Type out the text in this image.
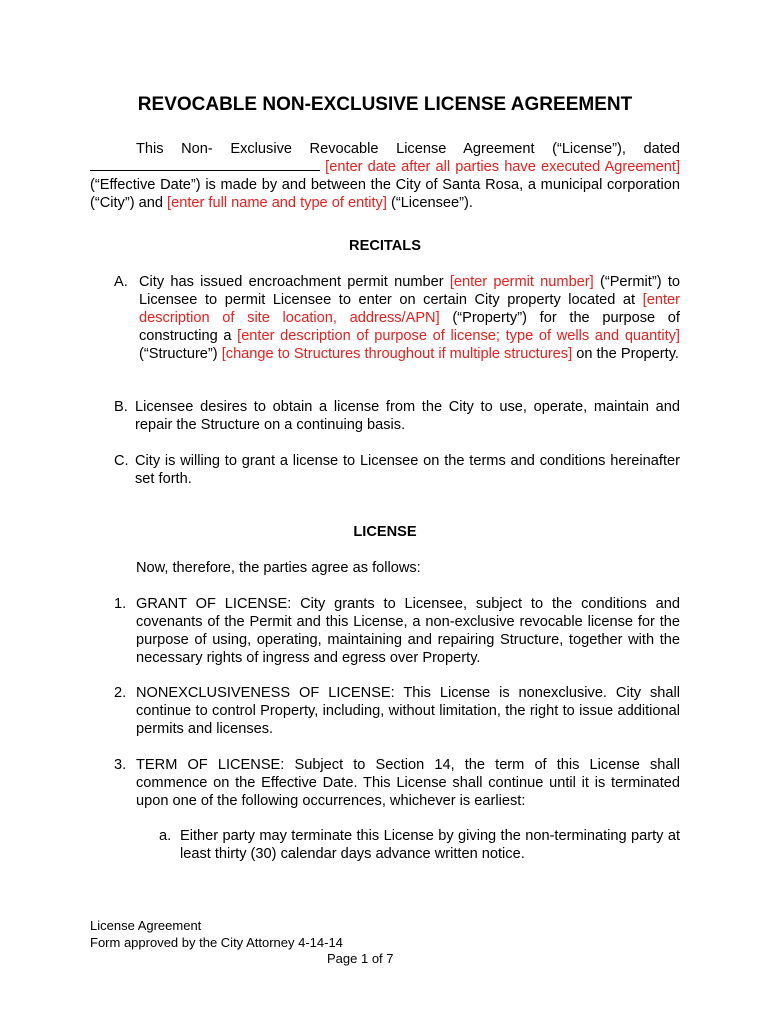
REVOCABLE NON-EXCLUSIVE LICENSE AGREEMENT
This Non- Exclusive Revocable License Agreement (“License”), dated  [enter date after all parties have executed Agreement] (“Effective Date”) is made by and between the City of Santa Rosa, a municipal corporation (“City”) and [enter full name and type of entity] (“Licensee”).
RECITALS
A. City has issued encroachment permit number [enter permit number] (“Permit”) to Licensee to permit Licensee to enter on certain City property located at [enter description of site location, address/APN] (“Property”) for the purpose of constructing a [enter description of purpose of license; type of wells and quantity] (“Structure”) [change to Structures throughout if multiple structures] on the Property.
B. Licensee desires to obtain a license from the City to use, operate, maintain and repair the Structure on a continuing basis.
C. City is willing to grant a license to Licensee on the terms and conditions hereinafter set forth.
LICENSE
Now, therefore, the parties agree as follows:
1. GRANT OF LICENSE: City grants to Licensee, subject to the conditions and covenants of the Permit and this License, a non-exclusive revocable license for the purpose of using, operating, maintaining and repairing Structure, together with the necessary rights of ingress and egress over Property.
2. NONEXCLUSIVENESS OF LICENSE: This License is nonexclusive. City shall continue to control Property, including, without limitation, the right to issue additional permits and licenses.
3. TERM OF LICENSE: Subject to Section 14, the term of this License shall commence on the Effective Date. This License shall continue until it is terminated upon one of the following occurrences, whichever is earliest:
a. Either party may terminate this License by giving the non-terminating party at least thirty (30) calendar days advance written notice.
License Agreement
Form approved by the City Attorney 4-14-14
Page 1 of 7
